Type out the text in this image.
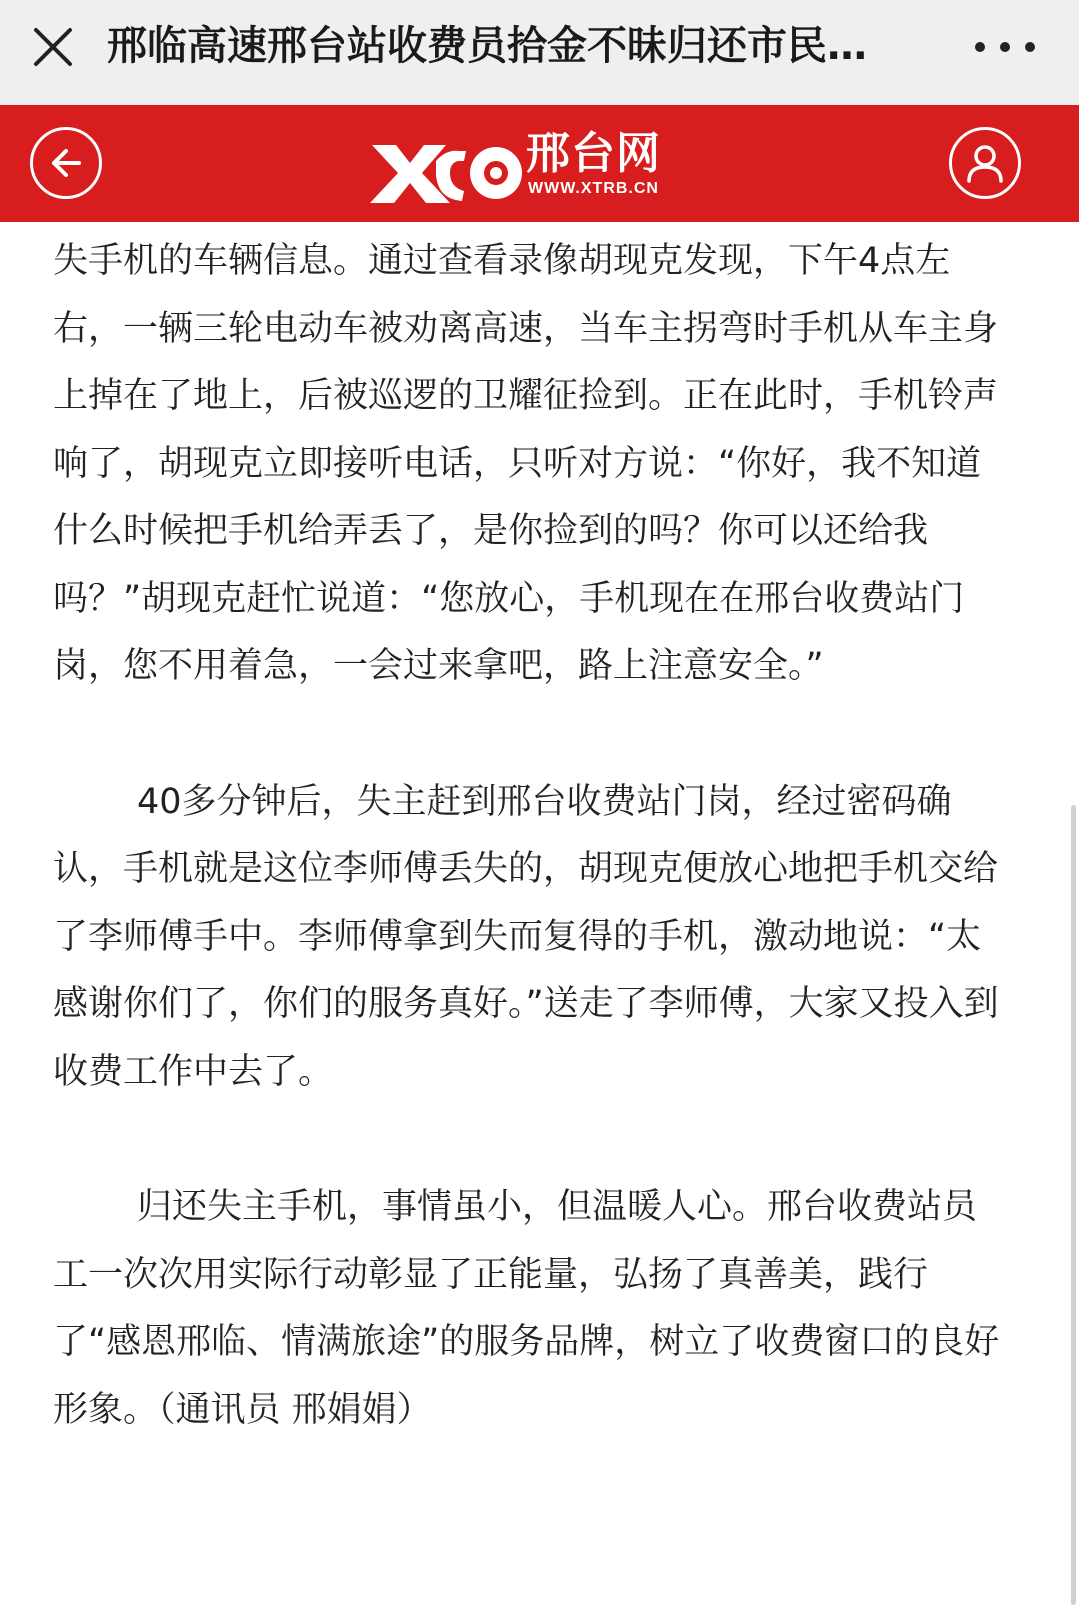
邢临高速邢台站收费员拾金不昧归还市民…
邢台网
WWW.XTRB.CN

失手机的车辆信息。通过查看录像胡现克发现，下午4点左右，一辆三轮电动车被劝离高速，当车主拐弯时手机从车主身上掉在了地上，后被巡逻的卫耀征捡到。正在此时，手机铃声响了，胡现克立即接听电话，只听对方说：“你好，我不知道什么时候把手机给弄丢了，是你捡到的吗？你可以还给我吗？”胡现克赶忙说道：“您放心，手机现在在邢台收费站门岗，您不用着急，一会过来拿吧，路上注意安全。”

40多分钟后，失主赶到邢台收费站门岗，经过密码确认，手机就是这位李师傅丢失的，胡现克便放心地把手机交给了李师傅手中。李师傅拿到失而复得的手机，激动地说：“太感谢你们了，你们的服务真好。”送走了李师傅，大家又投入到收费工作中去了。

归还失主手机，事情虽小，但温暖人心。邢台收费站员工一次次用实际行动彰显了正能量，弘扬了真善美，践行了“感恩邢临、情满旅途”的服务品牌，树立了收费窗口的良好形象。（通讯员 邢娟娟）
